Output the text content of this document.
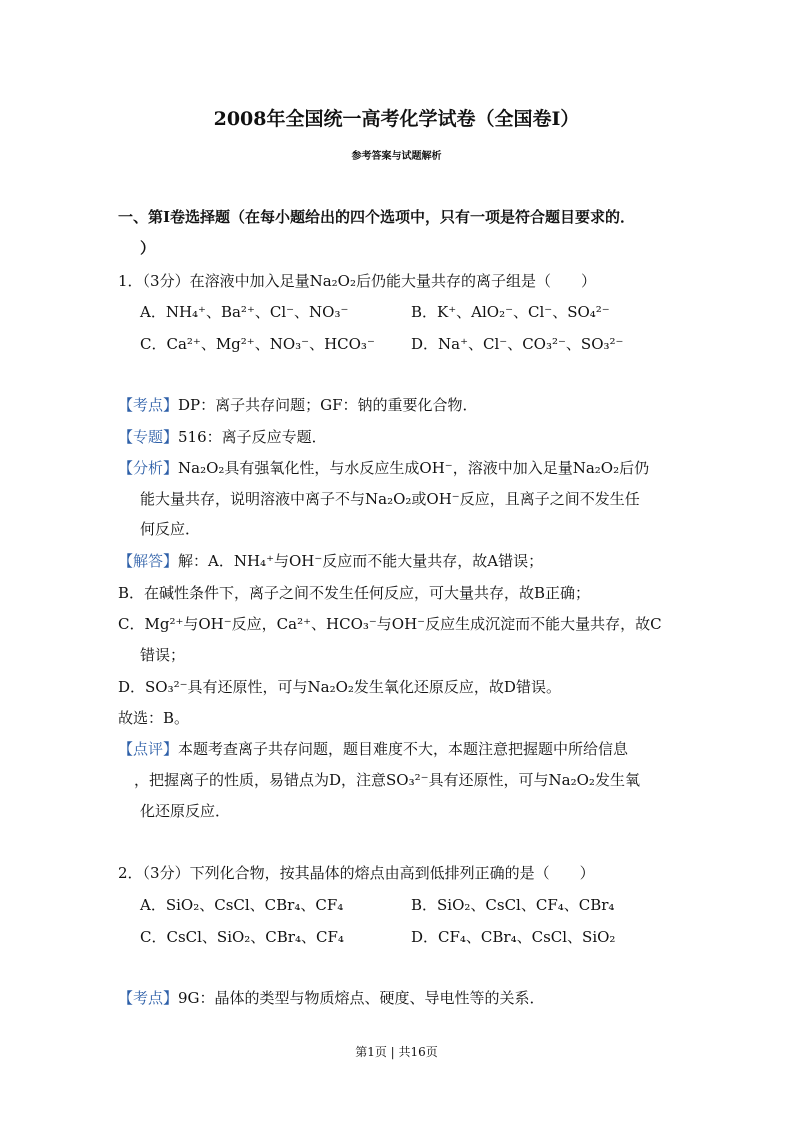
2008年全国统一高考化学试卷（全国卷I）
参考答案与试题解析
一、第I卷选择题（在每小题给出的四个选项中，只有一项是符合题目要求的．
）
1．（3分）在溶液中加入足量Na₂O₂后仍能大量共存的离子组是（　　）
A．NH₄⁺、Ba²⁺、Cl⁻、NO₃⁻	B．K⁺、AlO₂⁻、Cl⁻、SO₄²⁻
C．Ca²⁺、Mg²⁺、NO₃⁻、HCO₃⁻ D．Na⁺、Cl⁻、CO₃²⁻、SO₃²⁻
【考点】DP：离子共存问题；GF：钠的重要化合物．
【专题】516：离子反应专题．
【分析】Na₂O₂具有强氧化性，与水反应生成OH⁻，溶液中加入足量Na₂O₂后仍
能大量共存，说明溶液中离子不与Na₂O₂或OH⁻反应，且离子之间不发生任
何反应．
【解答】解：A．NH₄⁺与OH⁻反应而不能大量共存，故A错误；
B．在碱性条件下，离子之间不发生任何反应，可大量共存，故B正确；
C．Mg²⁺与OH⁻反应，Ca²⁺、HCO₃⁻与OH⁻反应生成沉淀而不能大量共存，故C
错误；
D．SO₃²⁻具有还原性，可与Na₂O₂发生氧化还原反应，故D错误。
故选：B。
【点评】本题考查离子共存问题，题目难度不大，本题注意把握题中所给信息
，把握离子的性质，易错点为D，注意SO₃²⁻具有还原性，可与Na₂O₂发生氧
化还原反应．
2．（3分）下列化合物，按其晶体的熔点由高到低排列正确的是（　　）
A．SiO₂、CsCl、CBr₄、CF₄	B．SiO₂、CsCl、CF₄、CBr₄
C．CsCl、SiO₂、CBr₄、CF₄	D．CF₄、CBr₄、CsCl、SiO₂
【考点】9G：晶体的类型与物质熔点、硬度、导电性等的关系．
第1页 | 共16页
